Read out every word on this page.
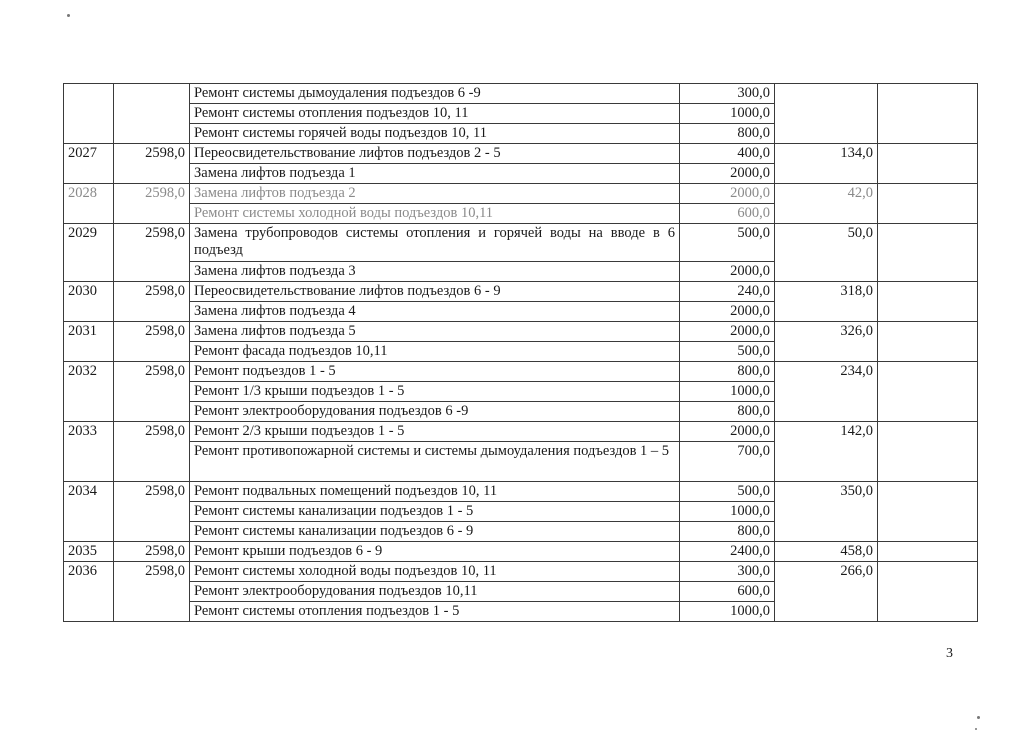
		Ремонт системы дымоудаления подъездов 6 -9	300,0		
		Ремонт системы отопления подъездов 10, 11	1000,0		
		Ремонт системы горячей воды подъездов 10, 11	800,0		
2027	2598,0	Переосвидетельствование лифтов подъездов 2 - 5	400,0	134,0	
		Замена лифтов подъезда 1	2000,0		
2028	2598,0	Замена лифтов подъезда 2	2000,0	42,0	
		Ремонт системы холодной воды подъездов 10,11	600,0		
2029	2598,0	Замена трубопроводов системы отопления и горячей воды на вводе в 6 подъезд	500,0	50,0	
		Замена лифтов подъезда 3	2000,0		
2030	2598,0	Переосвидетельствование лифтов подъездов 6 - 9	240,0	318,0	
		Замена лифтов подъезда 4	2000,0		
2031	2598,0	Замена лифтов подъезда 5	2000,0	326,0	
		Ремонт фасада подъездов 10,11	500,0		
2032	2598,0	Ремонт подъездов 1 - 5	800,0	234,0	
		Ремонт 1/3 крыши подъездов 1 - 5	1000,0		
		Ремонт электрооборудования подъездов 6 -9	800,0		
2033	2598,0	Ремонт 2/3 крыши подъездов 1 - 5	2000,0	142,0	
		Ремонт противопожарной системы и системы дымоудаления подъездов 1 – 5	700,0		
2034	2598,0	Ремонт подвальных помещений подъездов 10, 11	500,0	350,0	
		Ремонт системы канализации подъездов 1 - 5	1000,0		
		Ремонт системы канализации подъездов 6 - 9	800,0		
2035	2598,0	Ремонт крыши подъездов 6 - 9	2400,0	458,0	
2036	2598,0	Ремонт системы холодной воды подъездов 10, 11	300,0	266,0	
		Ремонт электрооборудования подъездов 10,11	600,0		
		Ремонт системы отопления подъездов 1 - 5	1000,0		
3
